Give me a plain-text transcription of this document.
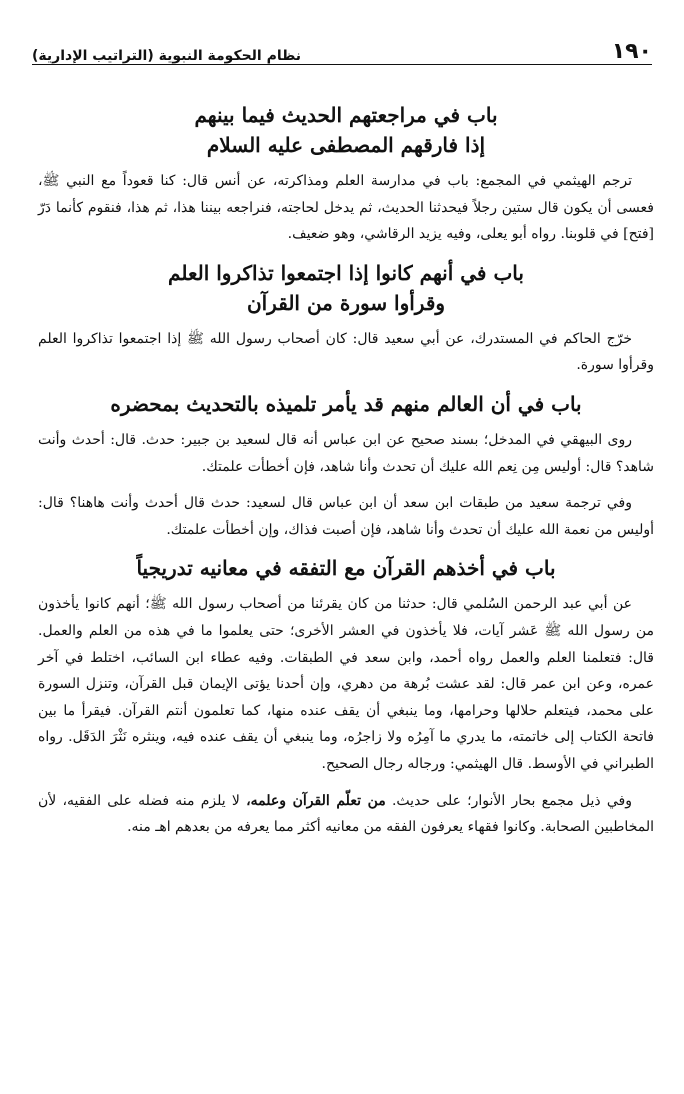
١٩٠
نظام الحكومة النبوية (التراتيب الإدارية)
باب في مراجعتهم الحديث فيما بينهم
إذا فارقهم المصطفى عليه السلام

ترجم الهيثمي في المجمع: باب في مدارسة العلم ومذاكرته، عن أنس قال: كنا قعوداً مع النبي ﷺ، فعسى أن يكون قال ستين رجلاً فيحدثنا الحديث، ثم يدخل لحاجته، فنراجعه بيننا هذا، ثم هذا، فنقوم كأنما دَرّ [فتح] في قلوبنا. رواه أبو يعلى، وفيه يزيد الرقاشي، وهو ضعيف.

باب في أنهم كانوا إذا اجتمعوا تذاكروا العلم
وقرأوا سورة من القرآن

خرّج الحاكم في المستدرك، عن أبي سعيد قال: كان أصحاب رسول الله ﷺ إذا اجتمعوا تذاكروا العلم وقرأوا سورة.

باب في أن العالم منهم قد يأمر تلميذه بالتحديث بمحضره

روى البيهقي في المدخل؛ بسند صحيح عن ابن عباس أنه قال لسعيد بن جبير: حدث. قال: أحدث وأنت شاهد؟ قال: أوليس مِن نِعم الله عليك أن تحدث وأنا شاهد، فإن أخطأت علمتك.

وفي ترجمة سعيد من طبقات ابن سعد أن ابن عباس قال لسعيد: حدث قال أحدث وأنت هاهنا؟ قال: أوليس من نعمة الله عليك أن تحدث وأنا شاهد، فإن أصبت فذاك، وإن أخطأت علمتك.

باب في أخذهم القرآن مع التفقه في معانيه تدريجياً

عن أبي عبد الرحمن السُلمي قال: حدثنا من كان يقرئنا من أصحاب رسول الله ﷺ؛ أنهم كانوا يأخذون من رسول الله ﷺ عَشر آيات، فلا يأخذون في العشر الأخرى؛ حتى يعلموا ما في هذه من العلم والعمل. قال: فتعلمنا العلم والعمل رواه أحمد، وابن سعد في الطبقات. وفيه عطاء ابن السائب، اختلط في آخر عمره، وعن ابن عمر قال: لقد عشت بُرهة من دهري، وإن أحدنا يؤتى الإيمان قبل القرآن، وتنزل السورة على محمد، فيتعلم حلالها وحرامها، وما ينبغي أن يقف عنده منها، كما تعلمون أنتم القرآن. فيقرأ ما بين فاتحة الكتاب إلى خاتمته، ما يدري ما آمِرُه ولا زاجرُه، وما ينبغي أن يقف عنده فيه، وينثره نَثْرَ الدَقَل. رواه الطبراني في الأوسط. قال الهيثمي: ورجاله رجال الصحيح.

وفي ذيل مجمع بحار الأنوار؛ على حديث. من تعلّم القرآن وعلمه، لا يلزم منه فضله على الفقيه، لأن المخاطبين الصحابة. وكانوا فقهاء يعرفون الفقه من معانيه أكثر مما يعرفه من بعدهم اهـ منه.
